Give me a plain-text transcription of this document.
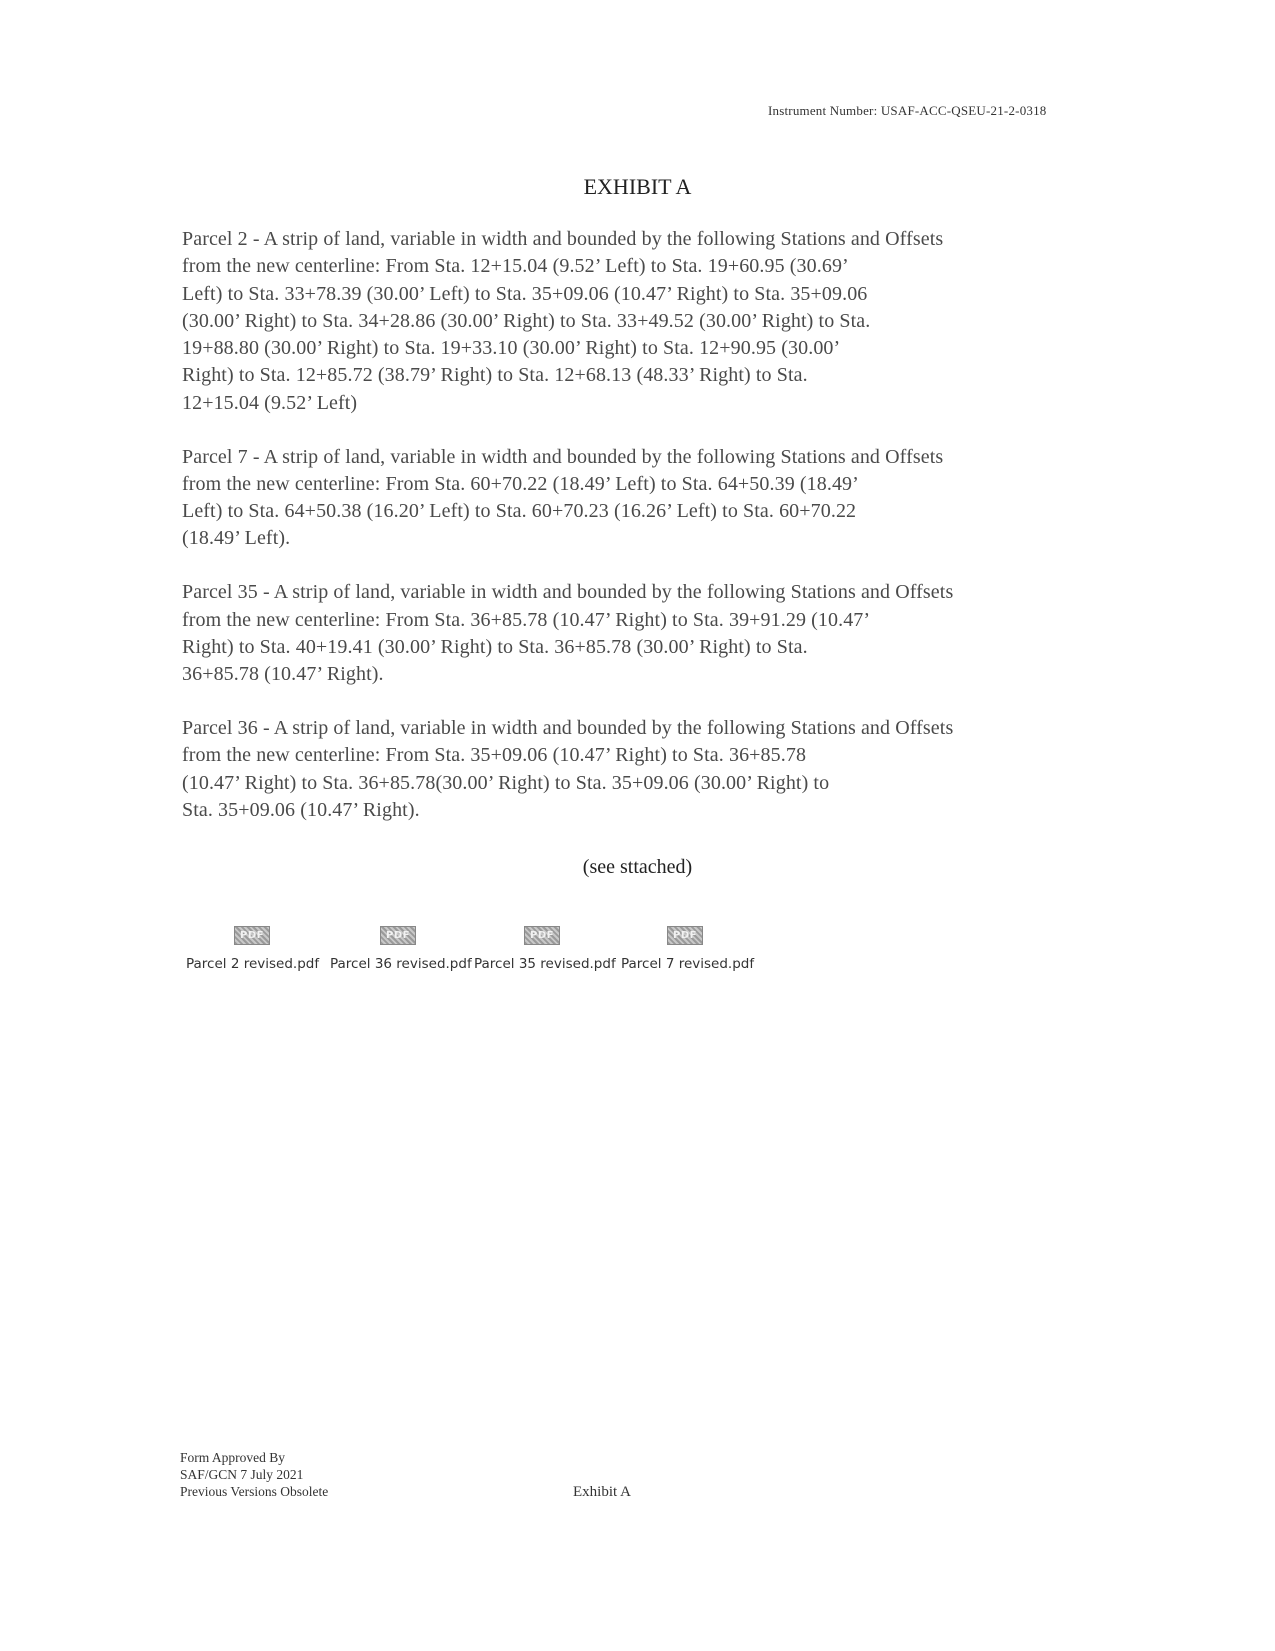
Instrument Number: USAF-ACC-QSEU-21-2-0318
EXHIBIT A

Parcel 2 - A strip of land, variable in width and bounded by the following Stations and Offsets
from the new centerline: From Sta. 12+15.04 (9.52’ Left) to Sta. 19+60.95 (30.69’
Left) to Sta. 33+78.39 (30.00’ Left) to Sta. 35+09.06 (10.47’ Right) to Sta. 35+09.06
(30.00’ Right) to Sta. 34+28.86 (30.00’ Right) to Sta. 33+49.52 (30.00’ Right) to Sta.
19+88.80 (30.00’ Right) to Sta. 19+33.10 (30.00’ Right) to Sta. 12+90.95 (30.00’
Right) to Sta. 12+85.72 (38.79’ Right) to Sta. 12+68.13 (48.33’ Right) to Sta.
12+15.04 (9.52’ Left)

Parcel 7 - A strip of land, variable in width and bounded by the following Stations and Offsets
from the new centerline: From Sta. 60+70.22 (18.49’ Left) to Sta. 64+50.39 (18.49’
Left) to Sta. 64+50.38 (16.20’ Left) to Sta. 60+70.23 (16.26’ Left) to Sta. 60+70.22
(18.49’ Left).

Parcel 35 - A strip of land, variable in width and bounded by the following Stations and Offsets
from the new centerline: From Sta. 36+85.78 (10.47’ Right) to Sta. 39+91.29 (10.47’
Right) to Sta. 40+19.41 (30.00’ Right) to Sta. 36+85.78 (30.00’ Right) to Sta.
36+85.78 (10.47’ Right).

Parcel 36 - A strip of land, variable in width and bounded by the following Stations and Offsets
from the new centerline: From Sta. 35+09.06 (10.47’ Right) to Sta. 36+85.78
(10.47’ Right) to Sta. 36+85.78(30.00’ Right) to Sta. 35+09.06 (30.00’ Right) to
Sta. 35+09.06 (10.47’ Right).

(see sttached)
PDF
Parcel 2 revised.pdf
PDF
Parcel 36 revised.pdf
PDF
Parcel 35 revised.pdf
PDF
Parcel 7 revised.pdf
Form Approved By
SAF/GCN 7 July 2021
Previous Versions Obsolete	Exhibit A
